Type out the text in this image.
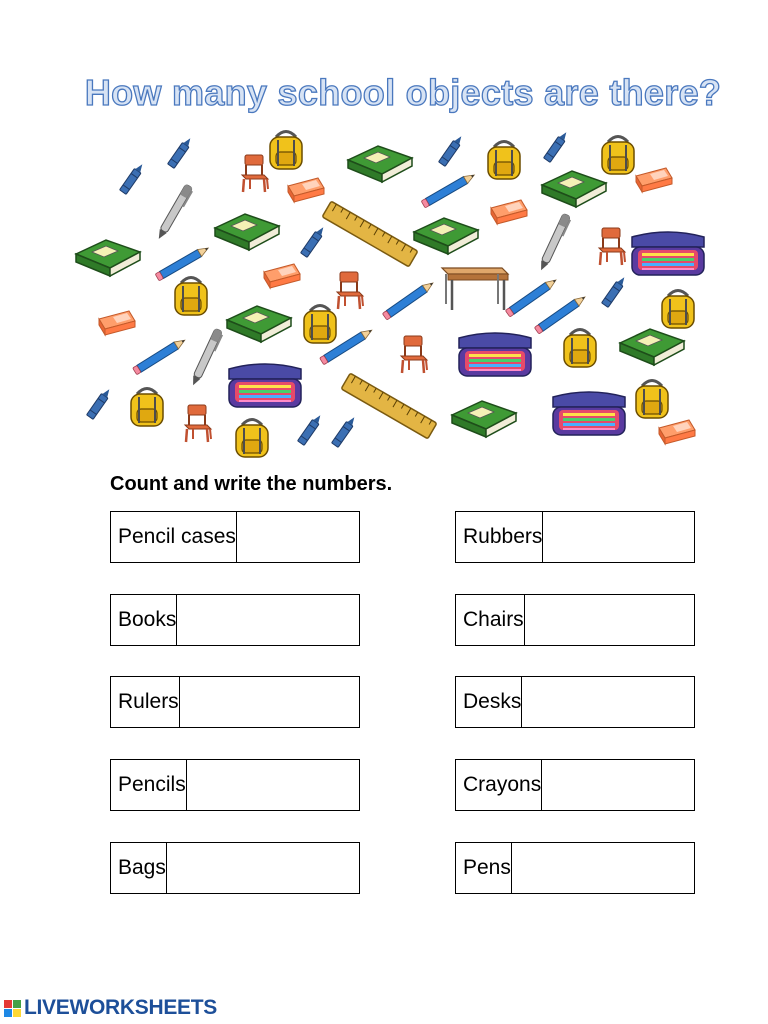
How many school objects are there?

Count and write the numbers.

Pencil cases
Books
Rulers
Pencils
Bags
Rubbers
Chairs
Desks
Crayons
Pens
LIVEWORKSHEETS
